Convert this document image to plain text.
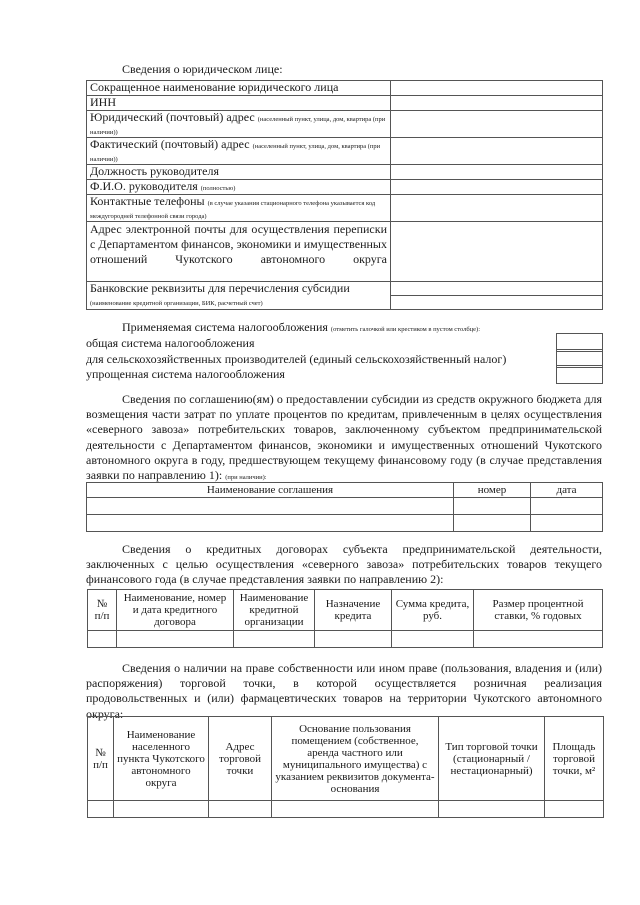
Сведения о юридическом лице:
Сокращенное наименование юридического лица	
ИНН	
Юридический (почтовый) адрес (населенный пункт, улица, дом, квартира (при наличии))	
Фактический (почтовый) адрес (населенный пункт, улица, дом, квартира (при наличии))	
Должность руководителя	
Ф.И.О. руководителя (полностью)	
Контактные телефоны (в случае указания стационарного телефона указывается код междугородней телефонной связи города)	
Адрес электронной почты для осуществления переписки с Департаментом финансов, экономики и имущественных отношений Чукотского автономного округа	
Банковские реквизиты для перечисления субсидии
(наименование кредитной организации, БИК, расчетный счет)	
Применяемая система налогообложения (отметить галочкой или крестиком в пустом столбце):
общая система налогообложения
для сельскохозяйственных производителей (единый сельскохозяйственный налог)
упрощенная система налогообложения
Сведения по соглашению(ям) о предоставлении субсидии из средств окружного бюджета для возмещения части затрат по уплате процентов по кредитам, привлеченным в целях осуществления «северного завоза» потребительских товаров, заключенному субъектом предпринимательской деятельности с Департаментом финансов, экономики и имущественных отношений Чукотского автономного округа в году, предшествующем текущему финансовому году (в случае представления заявки по направлению 1): (при наличии):
Наименование соглашения	номер	дата

Сведения о кредитных договорах субъекта предпринимательской деятельности, заключенных с целью осуществления «северного завоза» потребительских товаров текущего финансового года (в случае представления заявки по направлению 2):
№ п/п	Наименование, номер и дата кредитного договора	Наименование кредитной организации	Назначение кредита	Сумма кредита, руб.	Размер процентной ставки, % годовых

Сведения о наличии на праве собственности или ином праве (пользования, владения и (или) распоряжения) торговой точки, в которой осуществляется розничная реализация продовольственных и (или) фармацевтических товаров на территории Чукотского автономного округа:
№ п/п	Наименование населенного пункта Чукотского автономного округа	Адрес торговой точки	Основание пользования помещением (собственное, аренда частного или муниципального имущества) с указанием реквизитов документа-основания	Тип торговой точки (стационарный / нестационарный)	Площадь торговой точки, м²
